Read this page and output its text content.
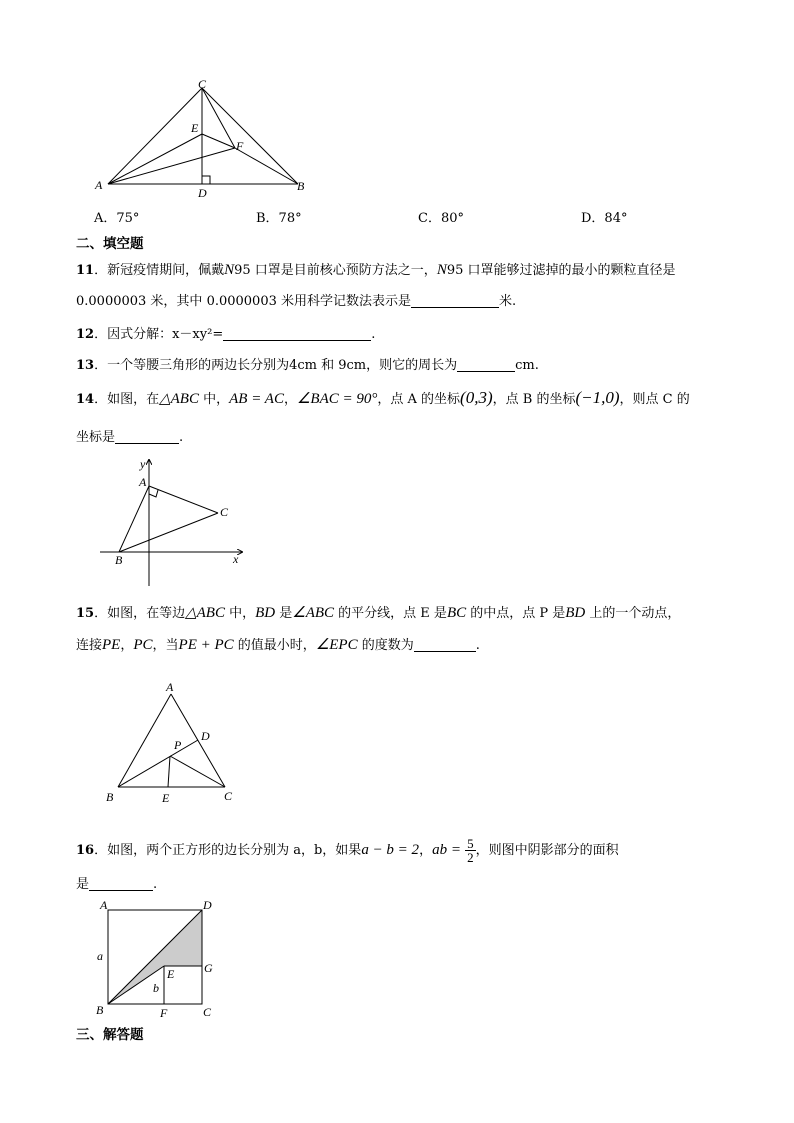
C
E
F
A
D	B
A．75°	B．78°	C．80°	D．84°
二、填空题
11．新冠疫情期间，佩戴N95 口罩是目前核心预防方法之一，N95 口罩能够过滤掉的最小的颗粒直径是
0.0000003 米，其中 0.0000003 米用科学记数法表示是	米.
12．因式分解：x－xy²=	.
13．一个等腰三角形的两边长分别为4cm 和 9cm，则它的周长为	cm.
14．如图，在△ABC 中，AB = AC，∠BAC = 90°，点 A 的坐标(0,3)，点 B 的坐标(−1,0)，则点 C 的
坐标是	.
A
C
B	x
y
15．如图，在等边△ABC 中，BD 是∠ABC 的平分线，点 E 是BC 的中点，点 P 是BD 上的一个动点，
连接PE，PC，当PE + PC 的值最小时，∠EPC 的度数为	.
A
D
P
B	E	C
16．如图，两个正方形的边长分别为 a，b，如果a − b = 2，ab = $\frac{5}{2}$ ，则图中阴影部分的面积
是	.
A	D
a
G
E
b
B	F	C
三、解答题
